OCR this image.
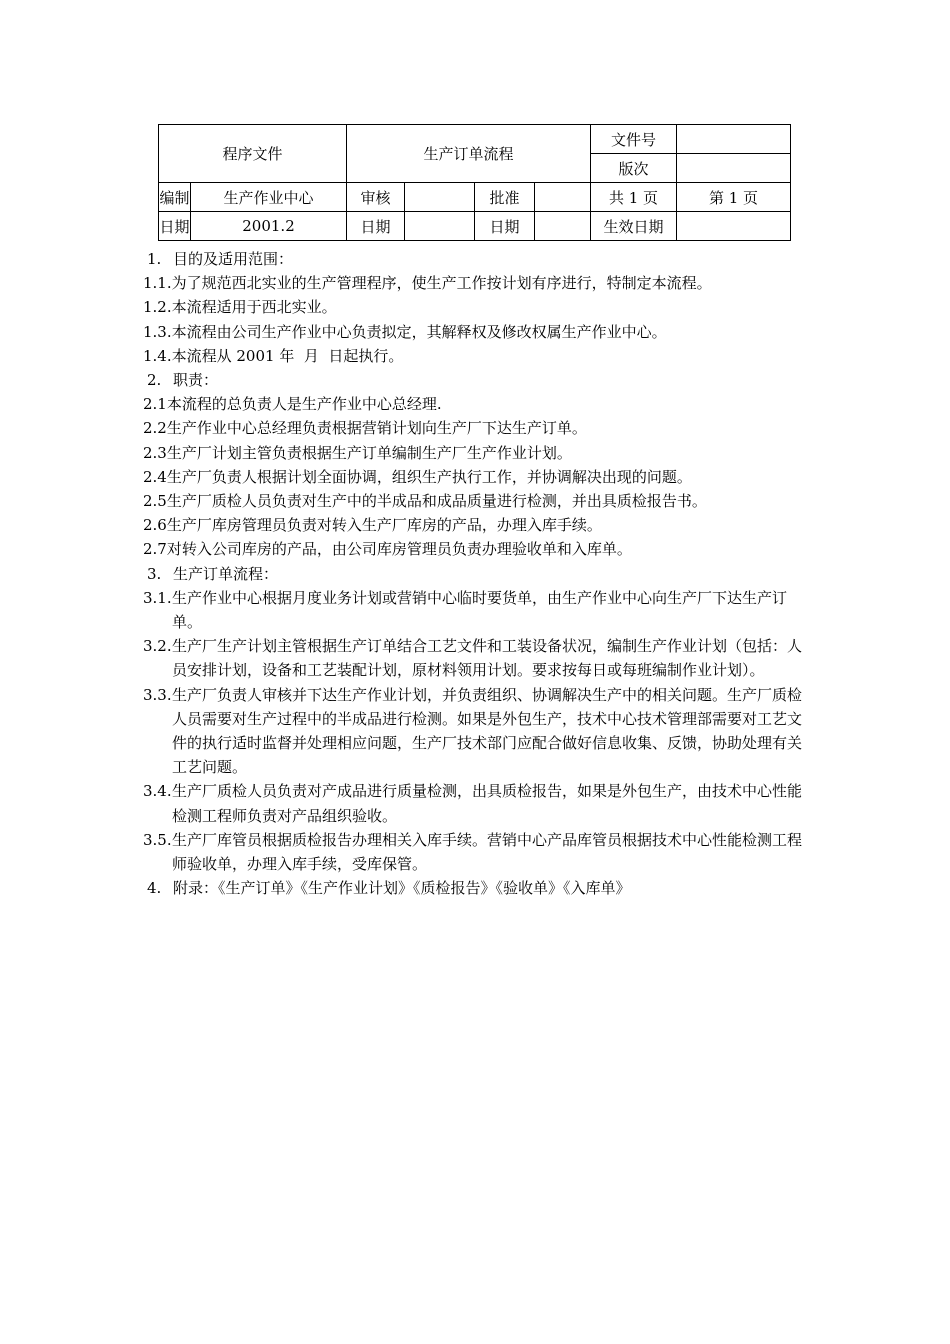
程序文件		生产订单流程				文件号	
						版次	
编制	生产作业中心	审核		批准		共 1 页	第 1 页
日期	2001.2	日期		日期		生效日期	
1. 目的及适用范围：
1.1. 为了规范西北实业的生产管理程序，使生产工作按计划有序进行，特制定本流程。
1.2. 本流程适用于西北实业。
1.3. 本流程由公司生产作业中心负责拟定，其解释权及修改权属生产作业中心。
1.4. 本流程从 2001 年  月  日起执行。
2. 职责：
2.1 本流程的总负责人是生产作业中心总经理.
2.2 生产作业中心总经理负责根据营销计划向生产厂下达生产订单。
2.3 生产厂计划主管负责根据生产订单编制生产厂生产作业计划。
2.4 生产厂负责人根据计划全面协调，组织生产执行工作，并协调解决出现的问题。
2.5 生产厂质检人员负责对生产中的半成品和成品质量进行检测，并出具质检报告书。
2.6 生产厂库房管理员负责对转入生产厂库房的产品，办理入库手续。
2.7 对转入公司库房的产品，由公司库房管理员负责办理验收单和入库单。
3. 生产订单流程：
3.1. 生产作业中心根据月度业务计划或营销中心临时要货单，由生产作业中心向生产厂下达生产订单。
3.2. 生产厂生产计划主管根据生产订单结合工艺文件和工装设备状况，编制生产作业计划（包括：人员安排计划，设备和工艺装配计划，原材料领用计划。要求按每日或每班编制作业计划）。
3.3. 生产厂负责人审核并下达生产作业计划，并负责组织、协调解决生产中的相关问题。生产厂质检人员需要对生产过程中的半成品进行检测。如果是外包生产，技术中心技术管理部需要对工艺文件的执行适时监督并处理相应问题，生产厂技术部门应配合做好信息收集、反馈，协助处理有关工艺问题。
3.4. 生产厂质检人员负责对产成品进行质量检测，出具质检报告，如果是外包生产，由技术中心性能检测工程师负责对产品组织验收。
3.5. 生产厂库管员根据质检报告办理相关入库手续。营销中心产品库管员根据技术中心性能检测工程师验收单，办理入库手续，受库保管。
4. 附录：《生产订单》《生产作业计划》《质检报告》《验收单》《入库单》
